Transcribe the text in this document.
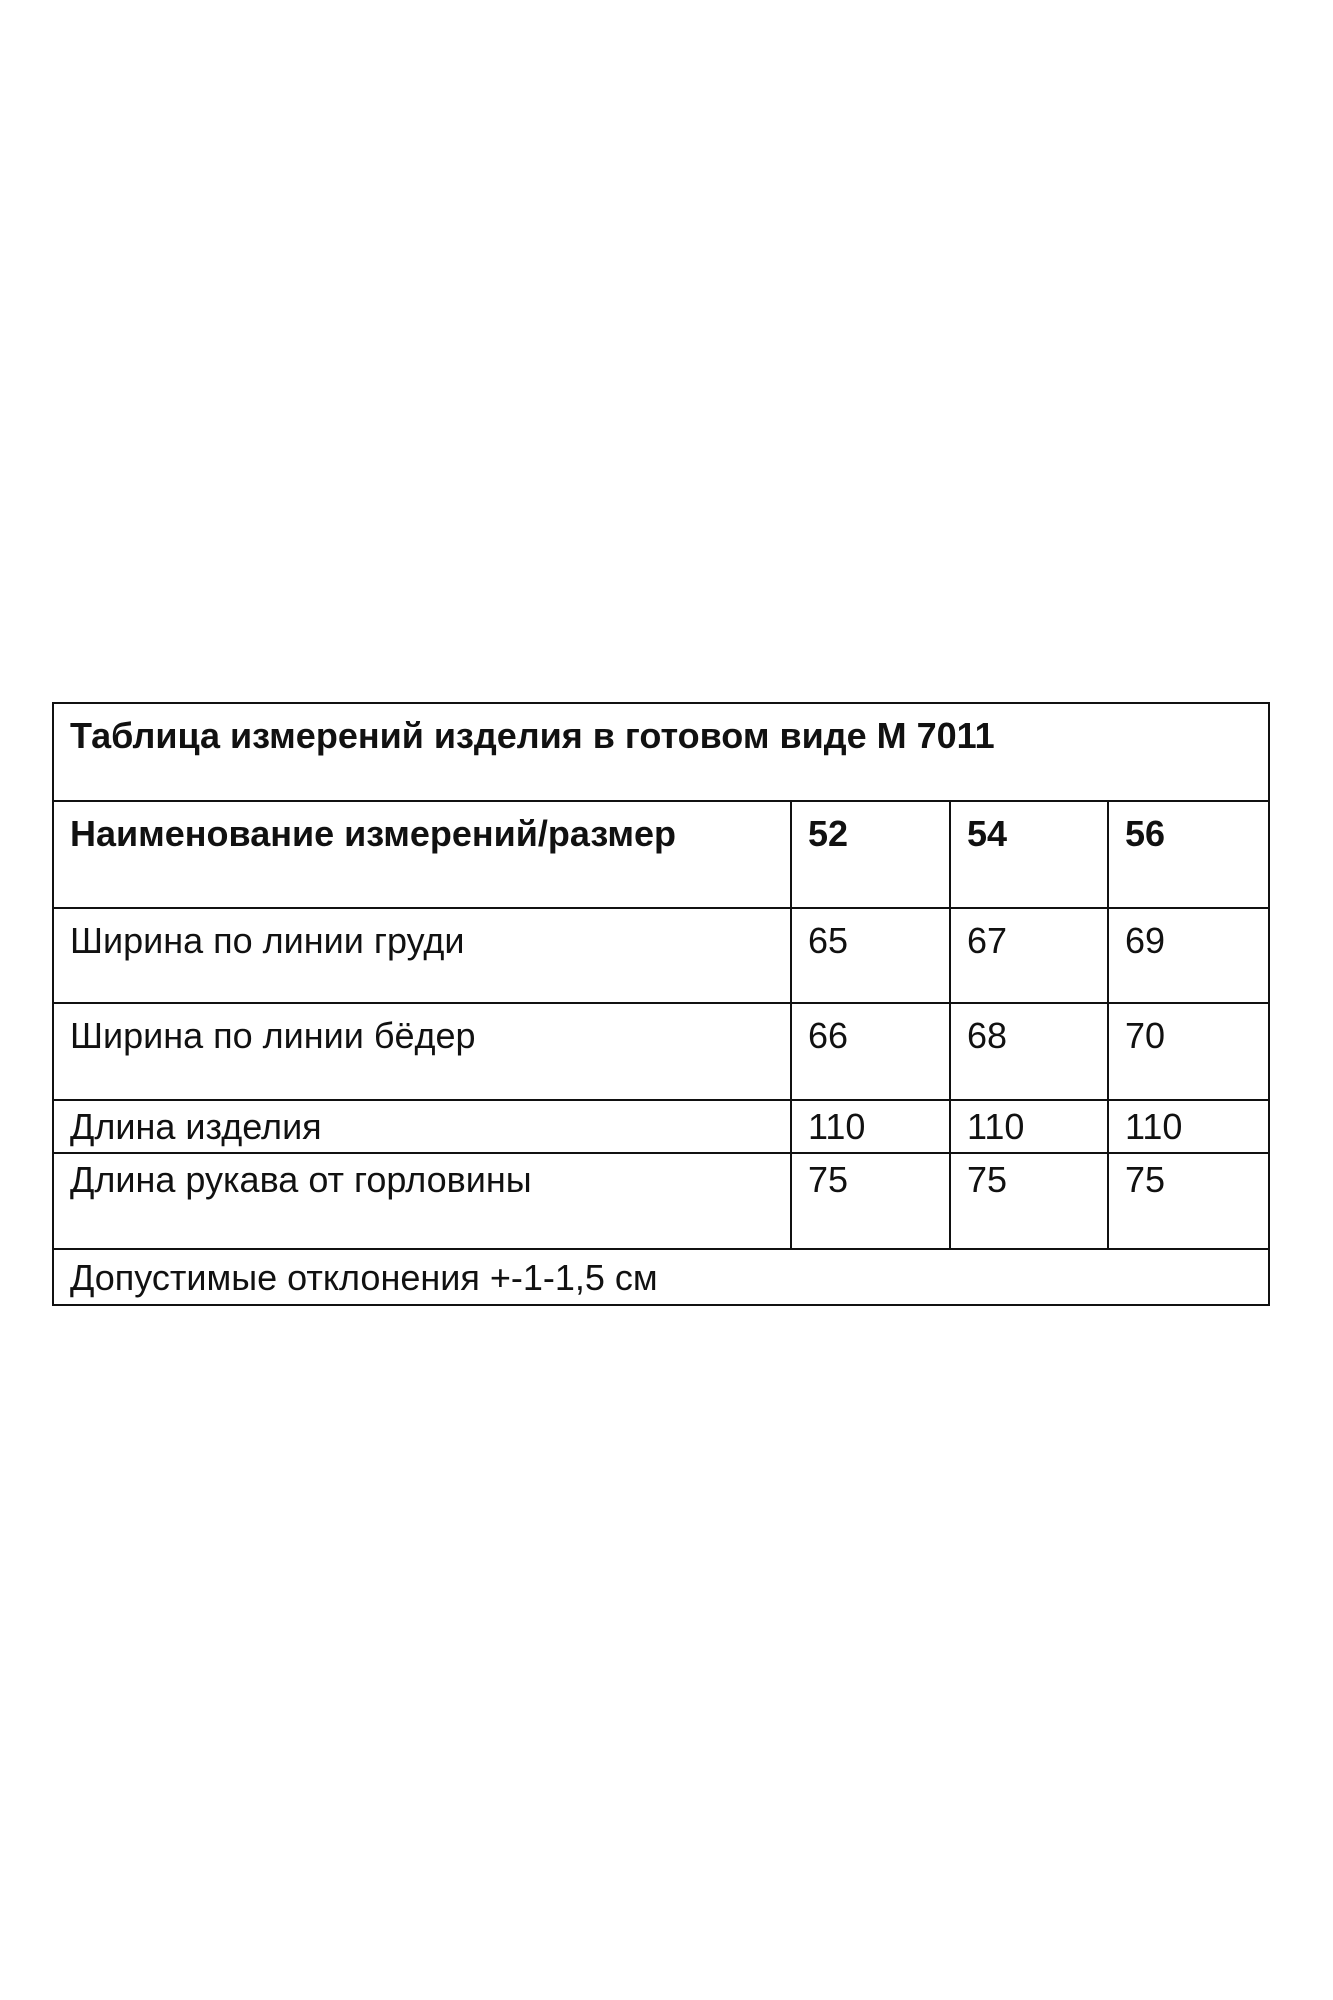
Таблица измерений изделия в готовом виде М 7011			
Наименование измерений/размер	52	54	56
Ширина по линии груди	65	67	69
Ширина по линии бёдер	66	68	70
Длина изделия	110	110	110
Длина рукава от горловины	75	75	75
Допустимые отклонения +-1-1,5 см			
